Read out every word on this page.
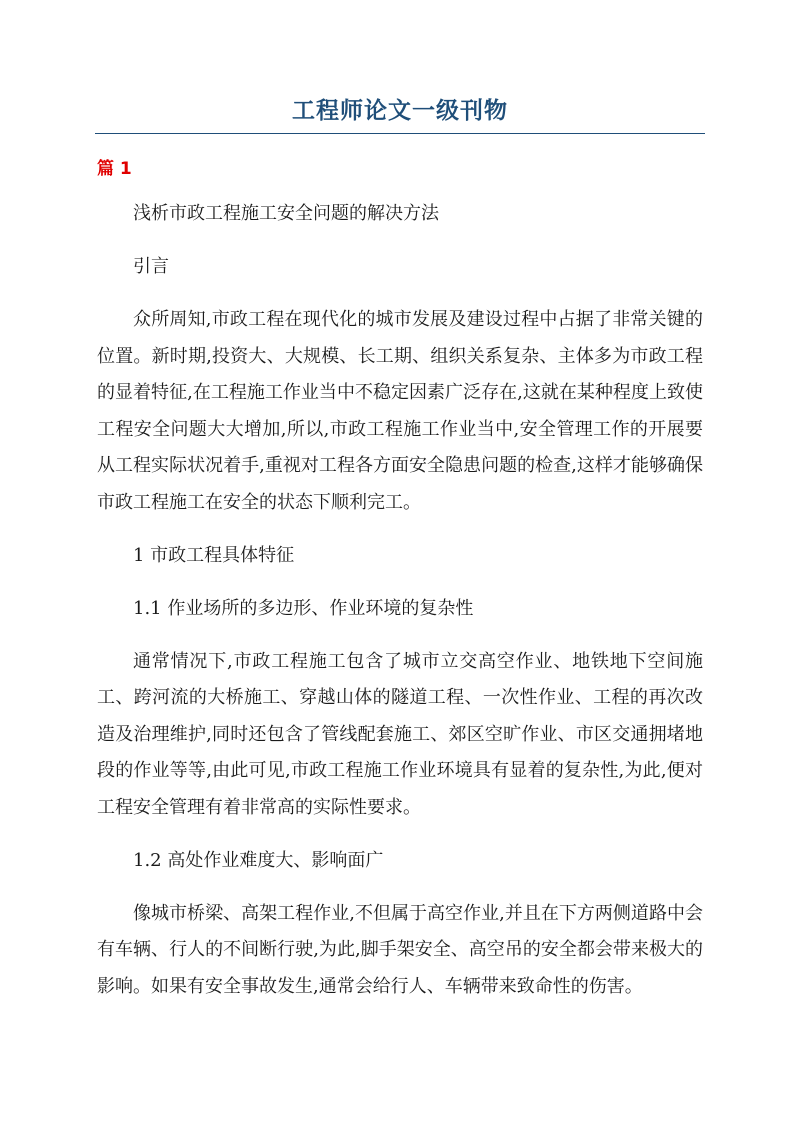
工程师论文一级刊物
篇 1

浅析市政工程施工安全问题的解决方法

引言

众所周知,市政工程在现代化的城市发展及建设过程中占据了非常关键的位置。新时期,投资大、大规模、长工期、组织关系复杂、主体多为市政工程的显着特征,在工程施工作业当中不稳定因素广泛存在,这就在某种程度上致使工程安全问题大大增加,所以,市政工程施工作业当中,安全管理工作的开展要从工程实际状况着手,重视对工程各方面安全隐患问题的检查,这样才能够确保市政工程施工在安全的状态下顺利完工。

1 市政工程具体特征

1.1 作业场所的多边形、作业环境的复杂性

通常情况下,市政工程施工包含了城市立交高空作业、地铁地下空间施工、跨河流的大桥施工、穿越山体的隧道工程、一次性作业、工程的再次改造及治理维护,同时还包含了管线配套施工、郊区空旷作业、市区交通拥堵地段的作业等等,由此可见,市政工程施工作业环境具有显着的复杂性,为此,便对工程安全管理有着非常高的实际性要求。

1.2 高处作业难度大、影响面广

像城市桥梁、高架工程作业,不但属于高空作业,并且在下方两侧道路中会有车辆、行人的不间断行驶,为此,脚手架安全、高空吊的安全都会带来极大的影响。如果有安全事故发生,通常会给行人、车辆带来致命性的伤害。
